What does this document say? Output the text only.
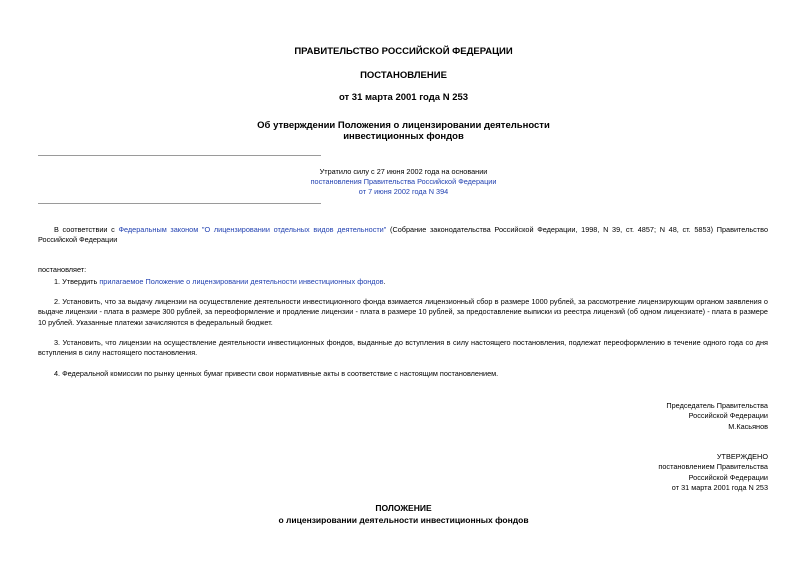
ПРАВИТЕЛЬСТВО РОССИЙСКОЙ ФЕДЕРАЦИИ
ПОСТАНОВЛЕНИЕ
от 31 марта 2001 года N 253
Об утверждении Положения о лицензировании деятельности
инвестиционных фондов
Утратило силу с 27 июня 2002 года на основании
постановления Правительства Российской Федерации
от 7 июня 2002 года N 394
В соответствии с Федеральным законом "О лицензировании отдельных видов деятельности" (Собрание законодательства Российской Федерации, 1998, N 39, ст. 4857; N 48, ст. 5853) Правительство Российской Федерации
постановляет:
1. Утвердить прилагаемое Положение о лицензировании деятельности инвестиционных фондов.
2. Установить, что за выдачу лицензии на осуществление деятельности инвестиционного фонда взимается лицензионный сбор в размере 1000 рублей, за рассмотрение лицензирующим органом заявления о выдаче лицензии - плата в размере 300 рублей, за переоформление и продление лицензии - плата в размере 10 рублей, за предоставление выписки из реестра лицензий (об одном лицензиате) - плата в размере 10 рублей. Указанные платежи зачисляются в федеральный бюджет.
3. Установить, что лицензии на осуществление деятельности инвестиционных фондов, выданные до вступления в силу настоящего постановления, подлежат переоформлению в течение одного года со дня вступления в силу настоящего постановления.
4. Федеральной комиссии по рынку ценных бумаг привести свои нормативные акты в соответствие с настоящим постановлением.
Председатель Правительства
Российской Федерации
М.Касьянов
УТВЕРЖДЕНО
постановлением Правительства
Российской Федерации
от 31 марта 2001 года N 253
ПОЛОЖЕНИЕ
о лицензировании деятельности инвестиционных фондов
